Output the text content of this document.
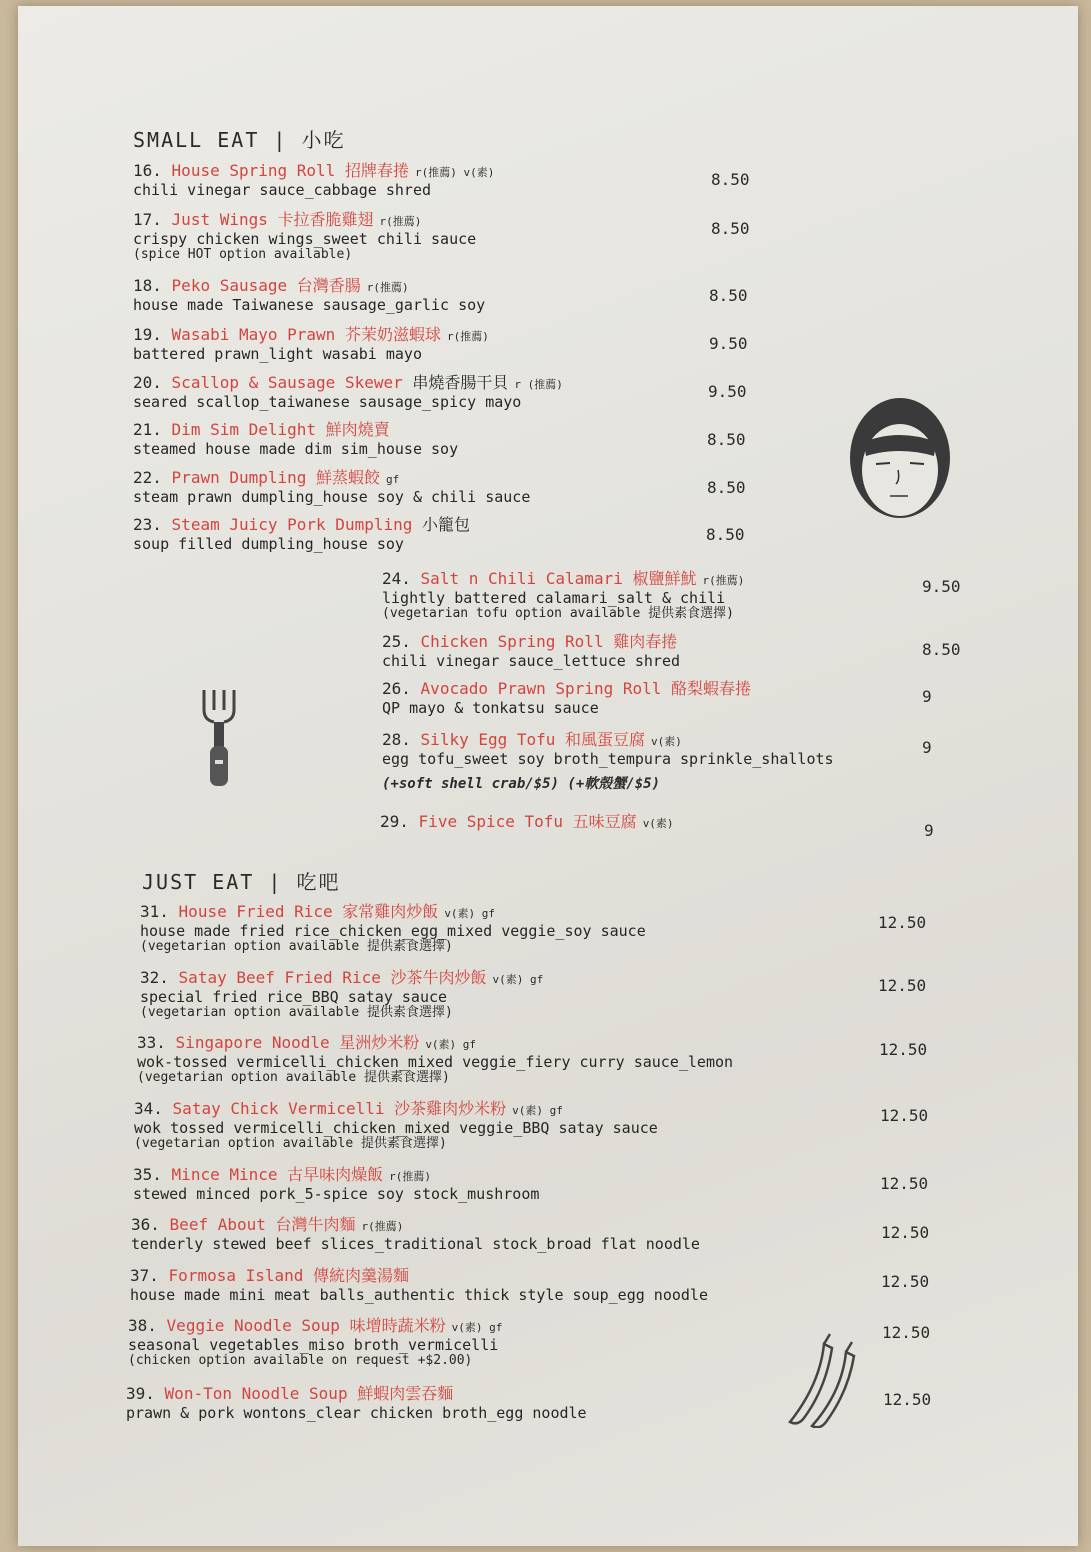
SMALL EAT | 小吃
16. House Spring Roll 招牌春捲 r(推薦) v(素)
chili vinegar sauce_cabbage shred
8.50
17. Just Wings 卡拉香脆雞翅 r(推薦)
crispy chicken wings_sweet chili sauce
(spice HOT option available)
8.50
18. Peko Sausage 台灣香腸 r(推薦)
house made Taiwanese sausage_garlic soy	8.50
19. Wasabi Mayo Prawn 芥茉奶滋蝦球 r(推薦)
battered prawn_light wasabi mayo
9.50
20. Scallop & Sausage Skewer 串燒香腸干貝 r (推薦)
seared scallop_taiwanese sausage_spicy mayo
9.50
21. Dim Sim Delight 鮮肉燒賣
steamed house made dim sim_house soy	8.50
22. Prawn Dumpling 鮮蒸蝦餃 gf
steam prawn dumpling_house soy & chili sauce	8.50
23. Steam Juicy Pork Dumpling 小籠包
soup filled dumpling_house soy	8.50
24. Salt n Chili Calamari 椒鹽鮮魷 r(推薦)
lightly battered calamari_salt & chili
(vegetarian tofu option available 提供素食選擇)
9.50
25. Chicken Spring Roll 雞肉春捲
chili vinegar sauce_lettuce shred
8.50
26. Avocado Prawn Spring Roll 酪梨蝦春捲
QP mayo & tonkatsu sauce
9
28. Silky Egg Tofu 和風蛋豆腐 v(素)
egg tofu_sweet soy broth_tempura sprinkle_shallots
(+soft shell crab/$5) (+軟殼蟹/$5)
9
29. Five Spice Tofu 五味豆腐 v(素)	9
JUST EAT | 吃吧
31. House Fried Rice 家常雞肉炒飯 v(素) gf
house made fried rice_chicken_egg_mixed veggie_soy sauce
(vegetarian option available 提供素食選擇)
12.50
32. Satay Beef Fried Rice 沙茶牛肉炒飯 v(素) gf
special fried rice_BBQ satay sauce
(vegetarian option available 提供素食選擇)
12.50
33. Singapore Noodle 星洲炒米粉 v(素) gf
wok-tossed vermicelli_chicken_mixed veggie_fiery curry sauce_lemon
(vegetarian option available 提供素食選擇)
12.50
34. Satay Chick Vermicelli 沙茶雞肉炒米粉 v(素) gf
wok tossed vermicelli_chicken_mixed veggie_BBQ satay sauce
(vegetarian option available 提供素食選擇)
12.50
35. Mince Mince 古早味肉燥飯 r(推薦)
stewed minced pork_5-spice soy stock_mushroom
12.50
36. Beef About 台灣牛肉麵 r(推薦)
tenderly stewed beef slices_traditional stock_broad flat noodle
12.50
37. Formosa Island 傳統肉羹湯麵
house made mini meat balls_authentic thick style soup_egg noodle
12.50
38. Veggie Noodle Soup 味增時蔬米粉 v(素) gf
seasonal vegetables_miso broth_vermicelli
(chicken option available on request +$2.00)
12.50
39. Won-Ton Noodle Soup 鮮蝦肉雲吞麵
prawn & pork wontons_clear chicken broth_egg noodle
12.50
